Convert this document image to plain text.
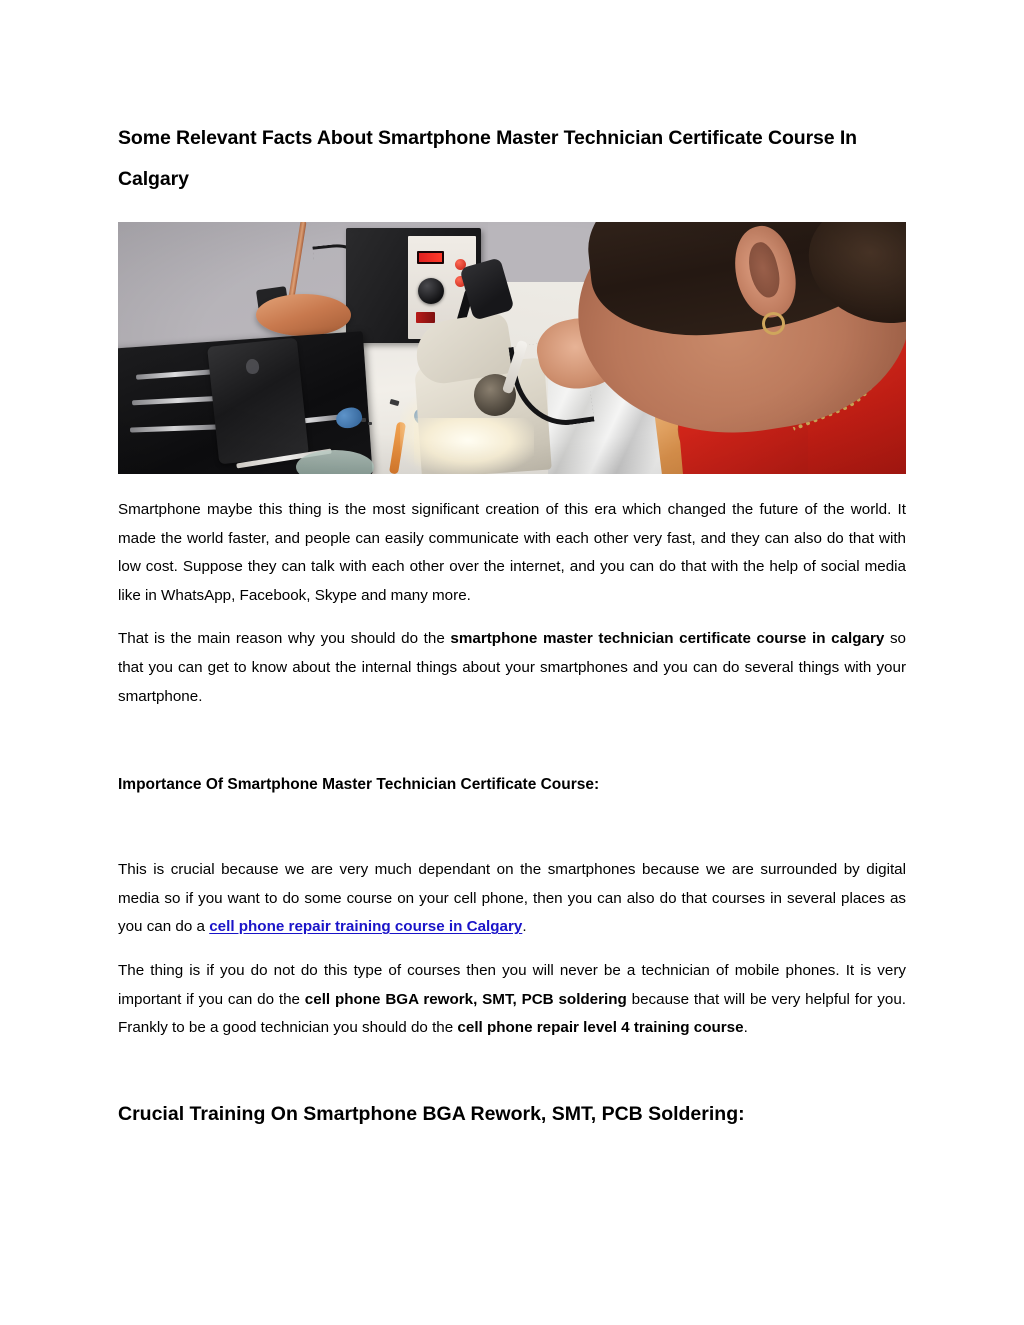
Some Relevant Facts About Smartphone Master Technician Certificate Course In Calgary

Smartphone maybe this thing is the most significant creation of this era which changed the future of the world. It made the world faster, and people can easily communicate with each other very fast, and they can also do that with low cost. Suppose they can talk with each other over the internet, and you can do that with the help of social media like in WhatsApp, Facebook, Skype and many more.

That is the main reason why you should do the smartphone master technician certificate course in calgary so that you can get to know about the internal things about your smartphones and you can do several things with your smartphone.

Importance Of Smartphone Master Technician Certificate Course:

This is crucial because we are very much dependant on the smartphones because we are surrounded by digital media so if you want to do some course on your cell phone, then you can also do that courses in several places as you can do a cell phone repair training course in Calgary.

The thing is if you do not do this type of courses then you will never be a technician of mobile phones. It is very important if you can do the cell phone BGA rework, SMT, PCB soldering because that will be very helpful for you. Frankly to be a good technician you should do the cell phone repair level 4 training course.

Crucial Training On Smartphone BGA Rework, SMT, PCB Soldering:
